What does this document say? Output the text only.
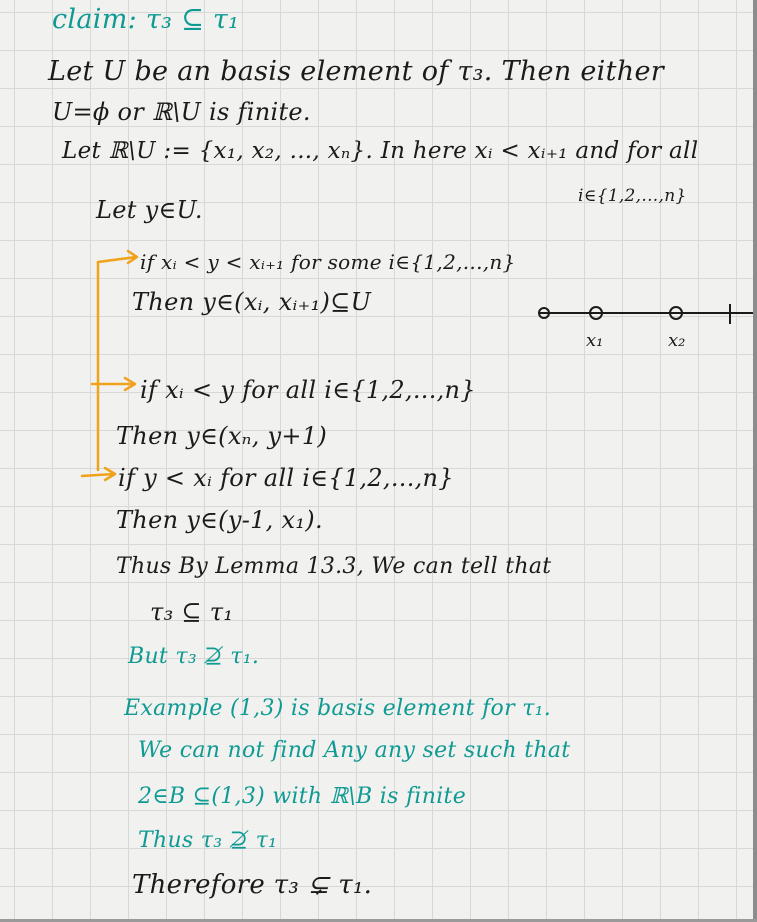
claim: τ₃ ⊆ τ₁
Let U be an basis element of τ₃. Then either
U=ϕ or ℝ\U is finite.
Let ℝ\U := {x₁, x₂, ..., xₙ}. In here xᵢ < xᵢ₊₁ and for all
i∈{1,2,...,n}
Let y∈U.
if xᵢ < y < xᵢ₊₁ for some i∈{1,2,...,n}
Then y∈(xᵢ, xᵢ₊₁)⊆U
if xᵢ < y for all i∈{1,2,...,n}
Then y∈(xₙ, y+1)
if y < xᵢ for all i∈{1,2,...,n}
Then y∈(y-1, x₁).
Thus By Lemma 13.3, We can tell that
τ₃ ⊆ τ₁
But τ₃ ⊉ τ₁.
Example (1,3) is basis element for τ₁.
We can not find Any any set such that
2∈B ⊆(1,3) with ℝ\B is finite
Thus τ₃ ⊉ τ₁
Therefore τ₃ ⊊ τ₁.
x₁	x₂
